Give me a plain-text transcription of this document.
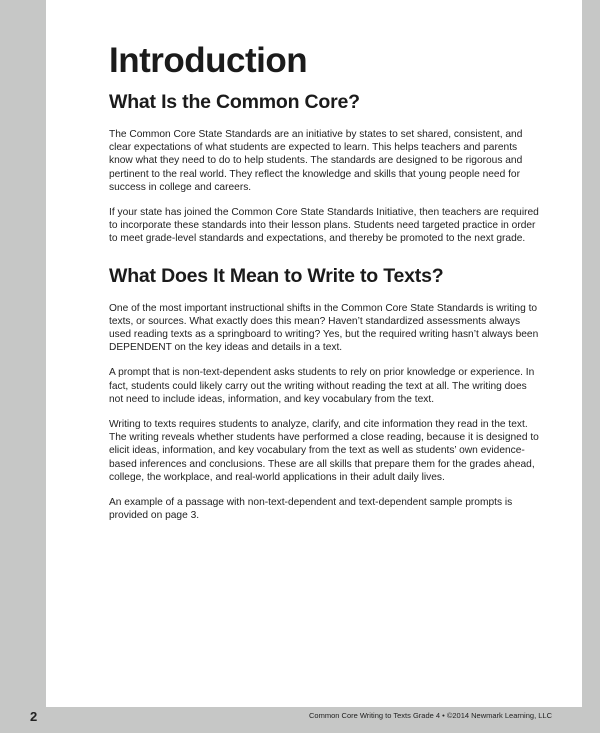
Introduction
What Is the Common Core?

The Common Core State Standards are an initiative by states to set shared, consistent, and clear expectations of what students are expected to learn. This helps teachers and parents know what they need to do to help students. The standards are designed to be rigorous and pertinent to the real world. They reflect the knowledge and skills that young people need for success in college and careers.

If your state has joined the Common Core State Standards Initiative, then teachers are required to incorporate these standards into their lesson plans. Students need targeted practice in order to meet grade-level standards and expectations, and thereby be promoted to the next grade.

What Does It Mean to Write to Texts?

One of the most important instructional shifts in the Common Core State Standards is writing to texts, or sources. What exactly does this mean? Haven’t standardized assessments always used reading texts as a springboard to writing? Yes, but the required writing hasn’t always been DEPENDENT on the key ideas and details in a text.

A prompt that is non-text-dependent asks students to rely on prior knowledge or experience. In fact, students could likely carry out the writing without reading the text at all. The writing does not need to include ideas, information, and key vocabulary from the text.

Writing to texts requires students to analyze, clarify, and cite information they read in the text. The writing reveals whether students have performed a close reading, because it is designed to elicit ideas, information, and key vocabulary from the text as well as students’ own evidence-based inferences and conclusions. These are all skills that prepare them for the grades ahead, college, the workplace, and real-world applications in their adult daily lives.

An example of a passage with non-text-dependent and text-dependent sample prompts is provided on page 3.

2	Common Core Writing to Texts Grade 4 • ©2014 Newmark Learning, LLC
